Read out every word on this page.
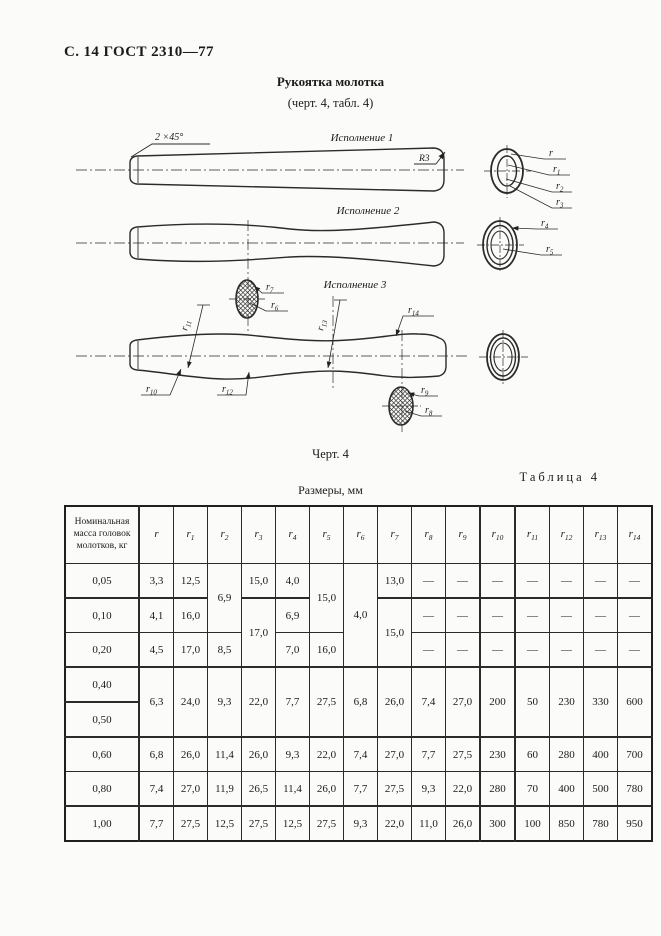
С. 14 ГОСТ 2310—77
Рукоятка молотка
(черт. 4, табл. 4)
Исполнение 1
2 ×45°
R3	r
$r_1$
$r_2$
$r_3$
Исполнение 2
$r_4$
$r_5$
$r_7$
$r_6$
Исполнение 3
$r_{11}$
$r_{13}$
$r_{14}$
$r_{10}$	$r_{12}$	$r_9$
$r_8$
Черт. 4
Таблица 4
Размеры, мм
Номинальная масса головок молотков, кг	r	$r_1$	$r_2$	$r_3$	$r_4$	$r_5$	$r_6$	$r_7$	$r_8$	$r_9$	$r_{10}$	$r_{11}$	$r_{12}$	$r_{13}$	$r_{14}$
0,05	3,3	12,5	6,9	15,0	4,0	15,0	4,0	13,0	—	—	—	—	—	—	—
0,10	4,1	16,0		17,0	6,9			15,0	—	—	—	—	—	—	—
0,20	4,5	17,0	8,5		7,0	16,0			—	—	—	—	—	—	—
0,40	6,3	24,0	9,3	22,0	7,7	27,5	6,8	26,0	7,4	27,0	200	50	230	330	600
0,50															
0,60	6,8	26,0	11,4	26,0	9,3	22,0	7,4	27,0	7,7	27,5	230	60	280	400	700
0,80	7,4	27,0	11,9	26,5	11,4	26,0	7,7	27,5	9,3	22,0	280	70	400	500	780
1,00	7,7	27,5	12,5	27,5	12,5	27,5	9,3	22,0	11,0	26,0	300	100	850	780	950
